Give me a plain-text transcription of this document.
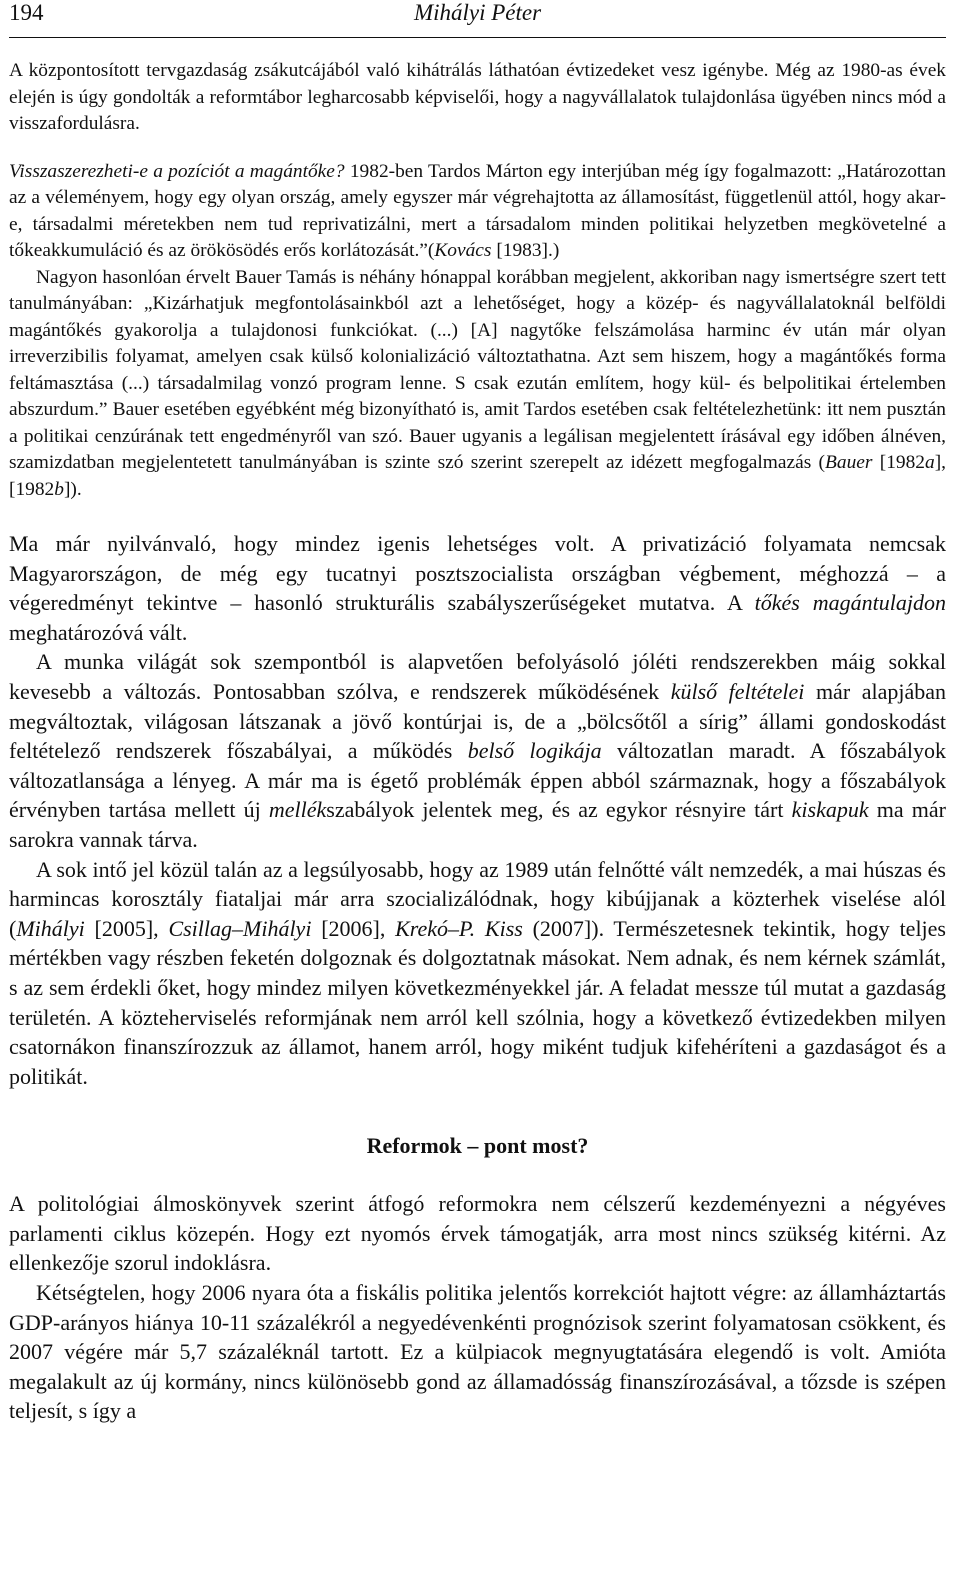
194	Mihályi Péter

A központosított tervgazdaság zsákutcájából való kihátrálás láthatóan évtizedeket vesz igénybe. Még az 1980-as évek elején is úgy gondolták a reformtábor legharcosabb képviselői, hogy a nagyvállalatok tulajdonlása ügyében nincs mód a visszafordulásra.

Visszaszerezheti-e a pozíciót a magántőke? 1982-ben Tardos Márton egy interjúban még így fogalmazott: „Határozottan az a véleményem, hogy egy olyan ország, amely egyszer már végrehajtotta az államosítást, függetlenül attól, hogy akar-e, társadalmi méretekben nem tud reprivatizálni, mert a társadalom minden politikai helyzetben megkövetelné a tőkeakkumuláció és az örökösödés erős korlátozását.”(Kovács [1983].)

Nagyon hasonlóan érvelt Bauer Tamás is néhány hónappal korábban megjelent, akkoriban nagy ismertségre szert tett tanulmányában: „Kizárhatjuk megfontolásainkból azt a lehetőséget, hogy a közép- és nagyvállalatoknál belföldi magántőkés gyakorolja a tulajdonosi funkciókat. (...) [A] nagytőke felszámolása harminc év után már olyan irreverzibilis folyamat, amelyen csak külső kolonializáció változtathatna. Azt sem hiszem, hogy a magántőkés forma feltámasztása (...) társadalmilag vonzó program lenne. S csak ezután említem, hogy kül- és belpolitikai értelemben abszurdum.” Bauer esetében egyébként még bizonyítható is, amit Tardos esetében csak feltételezhetünk: itt nem pusztán a politikai cenzúrának tett engedményről van szó. Bauer ugyanis a legálisan megjelentett írásával egy időben álnéven, szamizdatban megjelentetett tanulmányában is szinte szó szerint szerepelt az idézett megfogalmazás (Bauer [1982a], [1982b]).

Ma már nyilvánvaló, hogy mindez igenis lehetséges volt. A privatizáció folyamata nemcsak Magyarországon, de még egy tucatnyi posztszocialista országban végbement, méghozzá – a végeredményt tekintve – hasonló strukturális szabályszerűségeket mutatva. A tőkés magántulajdon meghatározóvá vált.

A munka világát sok szempontból is alapvetően befolyásoló jóléti rendszerekben máig sokkal kevesebb a változás. Pontosabban szólva, e rendszerek működésének külső feltételei már alapjában megváltoztak, világosan látszanak a jövő kontúrjai is, de a „bölcsőtől a sírig” állami gondoskodást feltételező rendszerek főszabályai, a működés belső logikája változatlan maradt. A főszabályok változatlansága a lényeg. A már ma is égető problémák éppen abból származnak, hogy a főszabályok érvényben tartása mellett új mellékszabályok jelentek meg, és az egykor résnyire tárt kiskapuk ma már sarokra vannak tárva.

A sok intő jel közül talán az a legsúlyosabb, hogy az 1989 után felnőtté vált nemzedék, a mai húszas és harmincas korosztály fiataljai már arra szocializálódnak, hogy kibújjanak a közterhek viselése alól (Mihályi [2005], Csillag–Mihályi [2006], Krekó–P. Kiss (2007]). Természetesnek tekintik, hogy teljes mértékben vagy részben feketén dolgoznak és dolgoztatnak másokat. Nem adnak, és nem kérnek számlát, s az sem érdekli őket, hogy mindez milyen következményekkel jár. A feladat messze túl mutat a gazdaság területén. A közteherviselés reformjának nem arról kell szólnia, hogy a következő évtizedekben milyen csatornákon finanszírozzuk az államot, hanem arról, hogy miként tudjuk kifehéríteni a gazdaságot és a politikát.

Reformok – pont most?

A politológiai álmoskönyvek szerint átfogó reformokra nem célszerű kezdeményezni a négyéves parlamenti ciklus közepén. Hogy ezt nyomós érvek támogatják, arra most nincs szükség kitérni. Az ellenkezője szorul indoklásra.

Kétségtelen, hogy 2006 nyara óta a fiskális politika jelentős korrekciót hajtott végre: az államháztartás GDP-arányos hiánya 10-11 százalékról a negyedévenkénti prognózisok szerint folyamatosan csökkent, és 2007 végére már 5,7 százaléknál tartott. Ez a külpiacok megnyugtatására elegendő is volt. Amióta megalakult az új kormány, nincs különösebb gond az államadósság finanszírozásával, a tőzsde is szépen teljesít, s így a
